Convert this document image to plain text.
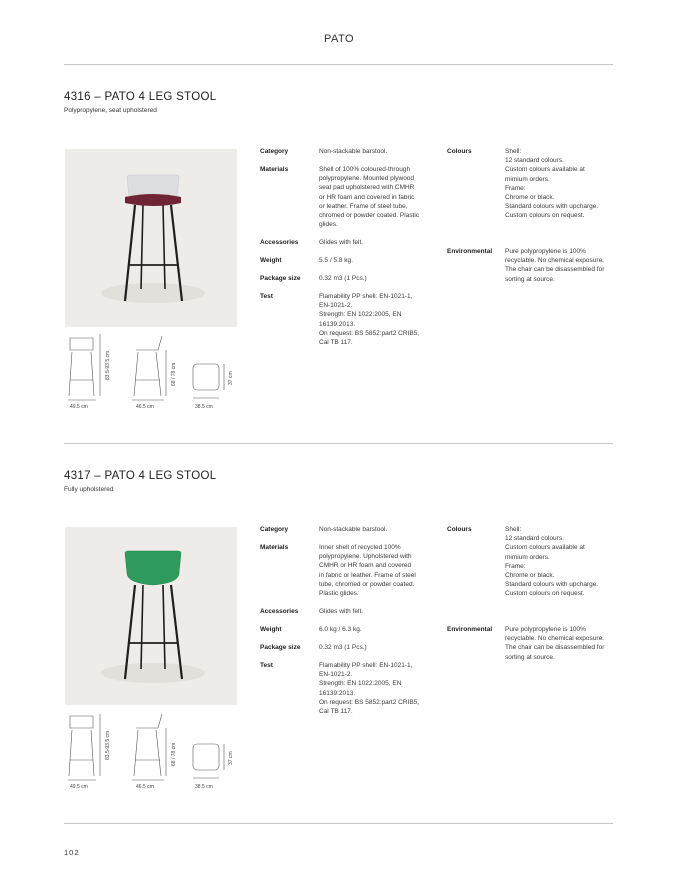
PATO
4316 – PATO 4 LEG STOOL
Polypropylene, seat upholstered
49.5 cm
83.5-93.5 cm
46.5 cm
68 / 78 cm
38.5 cm
37 cm
Category	Non-stackable barstool.
Materials	Shell of 100% coloured-through
polypropylene. Mounted plywood
seat pad upholstered with CMHR
or HR foam and covered in fabric
or leather. Frame of steel tube,
chromed or powder coated. Plastic
glides.
Accessories	Glides with felt.
Weight	5.5 / 5.8 kg.
Package size	0.32 m3 (1 Pcs.)
Test	Flamability PP shell: EN-1021-1,
EN-1021-2.
Strength: EN 1022:2005, EN
16139:2013.
On request: BS 5852:part2 CRIB5,
Cal TB 117.
Colours	Shell:
12 standard colours.
Custom colours available at
mimium orders.
Frame:
Chrome or black.
Standard colours with upcharge.
Custom colours on request.
Environmental Pure polypropylene is 100%
recyclable. No chemical exposure.
The chair can be disassembled for
sorting at source.
4317 – PATO 4 LEG STOOL
Fully upholstered
49.5 cm
83.5-93.5 cm
46.5 cm
68 / 78 cm
38.5 cm
37 cm
Category	Non-stackable barstool.
Materials	Inner shell of recycled 100%
polypropylene. Upholstered with
CMHR or HR foam and covered
in fabric or leather. Frame of steel
tube, chromed or powder coated.
Plastic glides.
Accessories	Glides with felt.
Weight	6.0 kg / 6.3 kg.
Package size	0.32 m3 (1 Pcs.)
Test	Flamability PP shell: EN-1021-1,
EN-1021-2.
Strength: EN 1022:2005, EN
16139:2013.
On request: BS 5852:part2 CRIB5,
Cal TB 117.
Colours	Shell:
12 standard colours.
Custom colours available at
mimium orders.
Frame:
Chrome or black.
Standard colours with upcharge.
Custom colours on request.
Environmental Pure polypropylene is 100%
recyclable. No chemical exposure.
The chair can be disassembled for
sorting at source.
102
